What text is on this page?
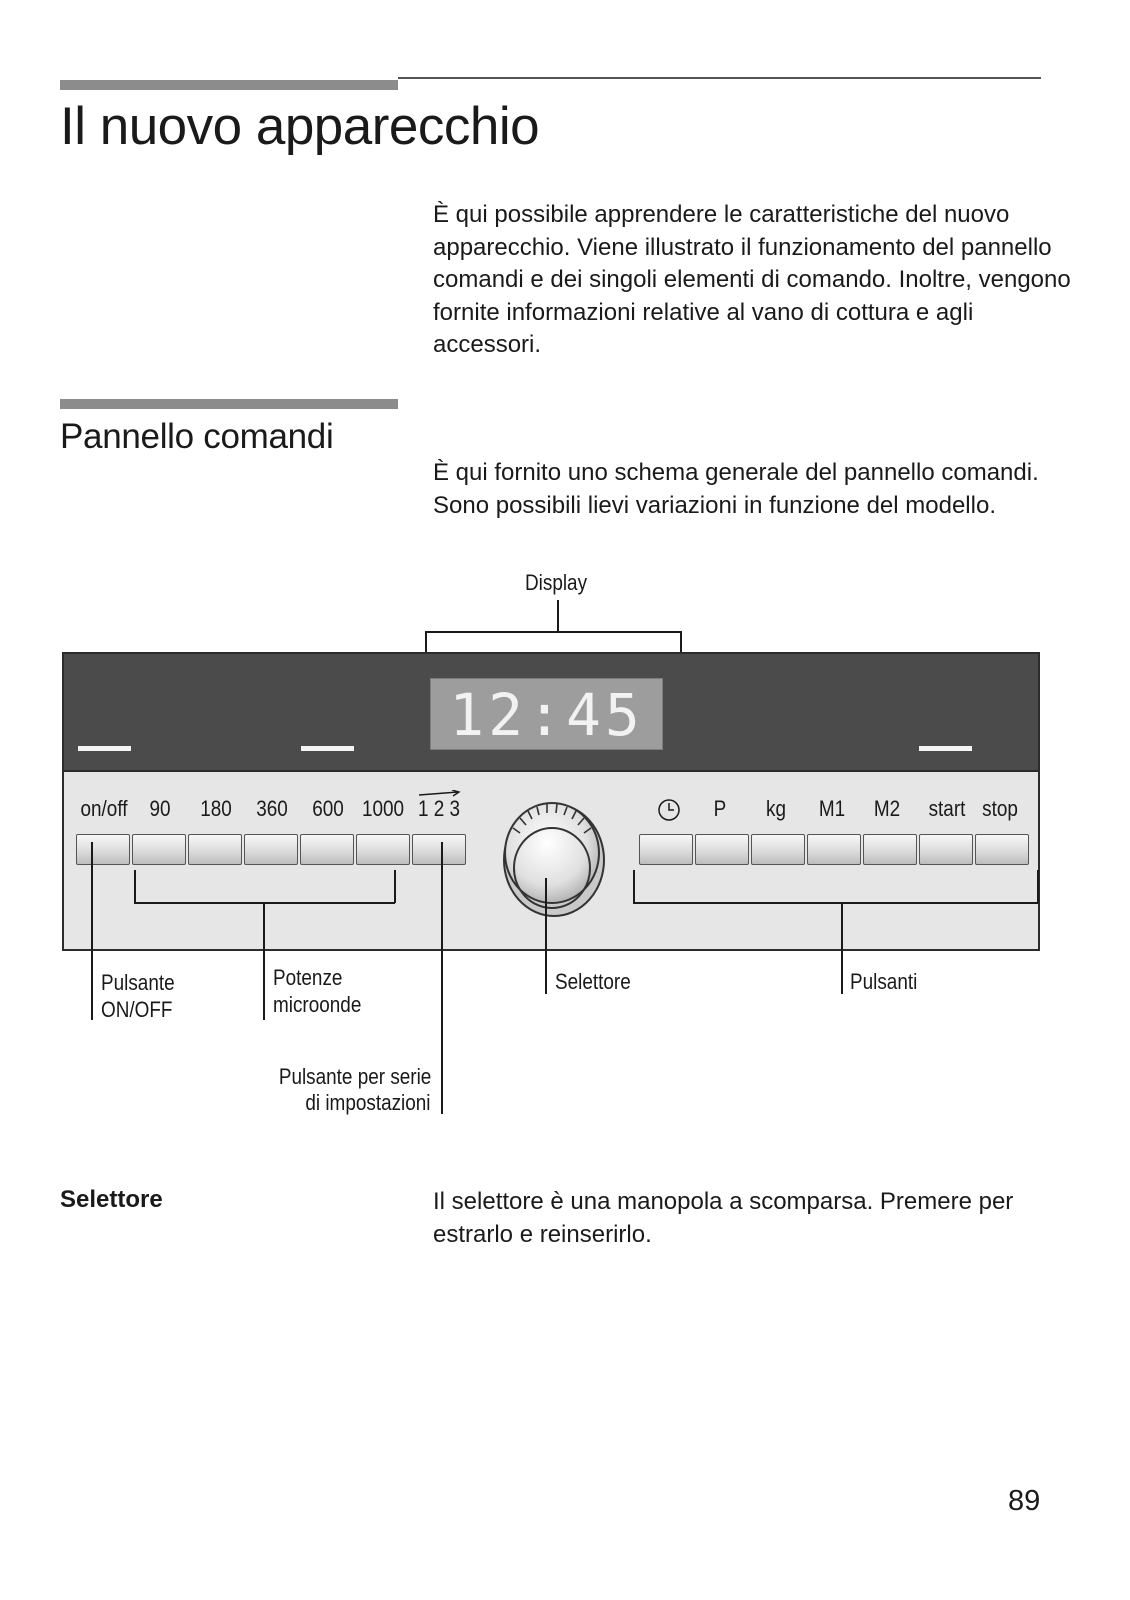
Il nuovo apparecchio

È qui possibile apprendere le caratteristiche del nuovo apparecchio. Viene illustrato il funzionamento del pannello comandi e dei singoli elementi di comando. Inoltre, vengono fornite informazioni relative al vano di cottura e agli accessori.

Pannello comandi

È qui fornito uno schema generale del pannello comandi.

Sono possibili lievi variazioni in funzione del modello.

Display
12:45
on/off 90	180	360	600 1000 1 2 3	P	kg	M1	M2	start stop
Pulsante
ON/OFF
Potenze
microonde
Pulsante per serie
di impostazioni
Selettore	Pulsanti
Selettore	Il selettore è una manopola a scomparsa. Premere per estrarlo e reinserirlo.

89
